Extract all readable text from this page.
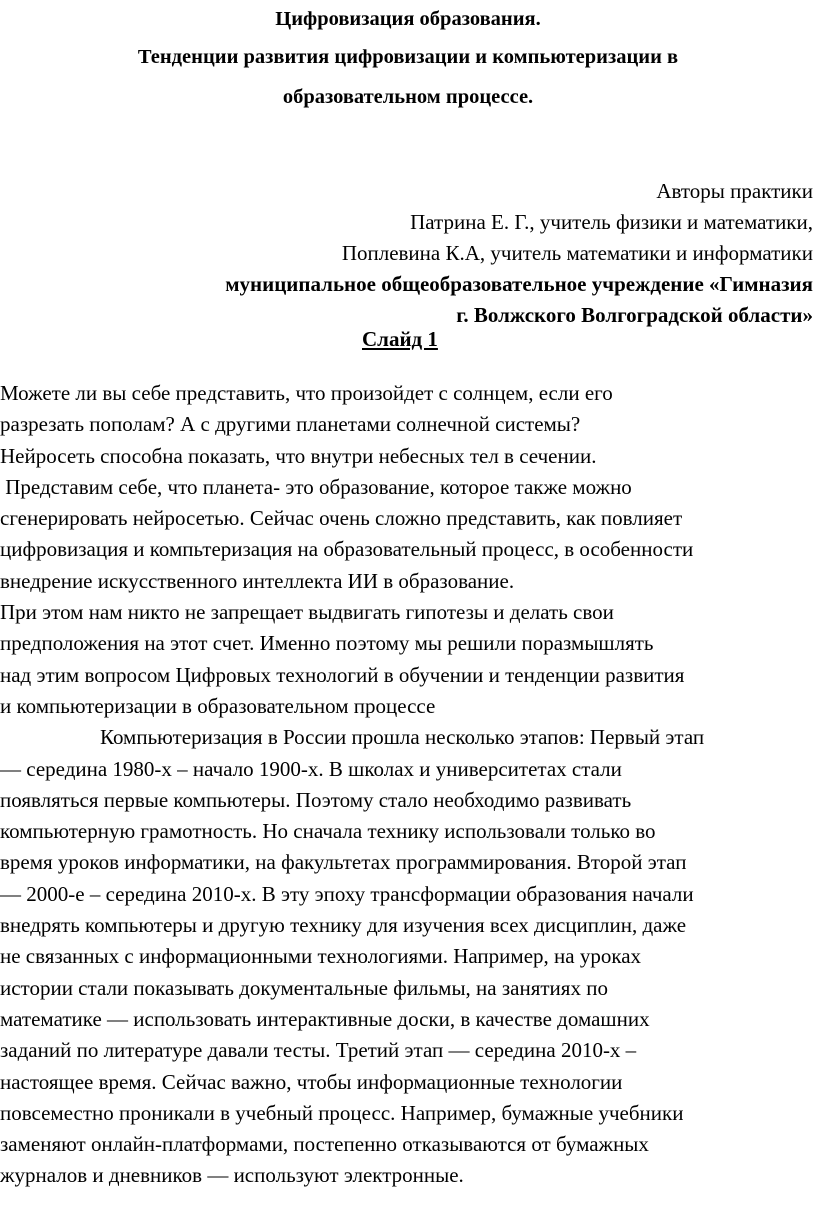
Цифровизация образования.
Тенденции развития цифровизации и компьютеризации в
образовательном процессе.
Авторы практики
Патрина Е. Г., учитель физики и математики,
Поплевина К.А, учитель математики и информатики
муниципальное общеобразовательное учреждение «Гимназия
г. Волжского Волгоградской области»
Слайд 1
Можете ли вы себе представить, что произойдет с солнцем, если его
разрезать пополам? А с другими планетами солнечной системы?
Нейросеть способна показать, что внутри небесных тел в сечении.
Представим себе, что планета- это образование, которое также можно
сгенерировать нейросетью. Сейчас очень сложно представить, как повлияет
цифровизация и компьтеризация на образовательный процесс, в особенности
внедрение искусственного интеллекта ИИ в образование.
При этом нам никто не запрещает выдвигать гипотезы и делать свои
предположения на этот счет. Именно поэтому мы решили поразмышлять
над этим вопросом Цифровых технологий в обучении и тенденции развития
и компьютеризации в образовательном процессе
Компьютеризация в России прошла несколько этапов: Первый этап
— середина 1980-х – начало 1900-х. В школах и университетах стали
появляться первые компьютеры. Поэтому стало необходимо развивать
компьютерную грамотность. Но сначала технику использовали только во
время уроков информатики, на факультетах программирования. Второй этап
— 2000-е – середина 2010-х. В эту эпоху трансформации образования начали
внедрять компьютеры и другую технику для изучения всех дисциплин, даже
не связанных с информационными технологиями. Например, на уроках
истории стали показывать документальные фильмы, на занятиях по
математике — использовать интерактивные доски, в качестве домашних
заданий по литературе давали тесты. Третий этап — середина 2010-х –
настоящее время. Сейчас важно, чтобы информационные технологии
повсеместно проникали в учебный процесс. Например, бумажные учебники
заменяют онлайн-платформами, постепенно отказываются от бумажных
журналов и дневников — используют электронные.
